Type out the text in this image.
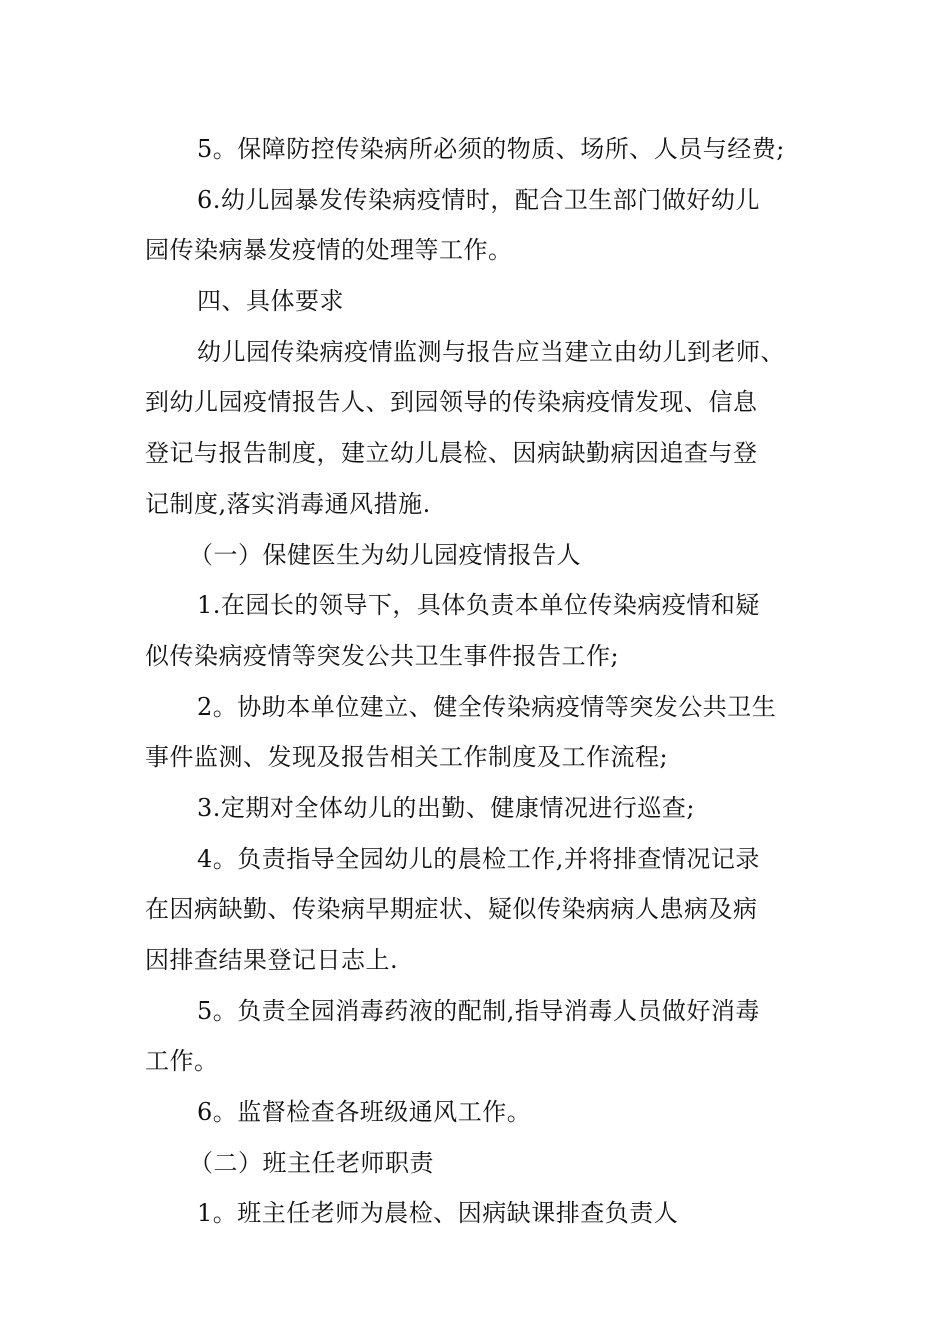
5。保障防控传染病所必须的物质、场所、人员与经费;
6.幼儿园暴发传染病疫情时，配合卫生部门做好幼儿
园传染病暴发疫情的处理等工作。
四、具体要求
幼儿园传染病疫情监测与报告应当建立由幼儿到老师、
到幼儿园疫情报告人、到园领导的传染病疫情发现、信息
登记与报告制度，建立幼儿晨检、因病缺勤病因追查与登
记制度,落实消毒通风措施.
（一）保健医生为幼儿园疫情报告人
1.在园长的领导下，具体负责本单位传染病疫情和疑
似传染病疫情等突发公共卫生事件报告工作;
2。协助本单位建立、健全传染病疫情等突发公共卫生
事件监测、发现及报告相关工作制度及工作流程;
3.定期对全体幼儿的出勤、健康情况进行巡查;
4。负责指导全园幼儿的晨检工作,并将排查情况记录
在因病缺勤、传染病早期症状、疑似传染病病人患病及病
因排查结果登记日志上.
5。负责全园消毒药液的配制,指导消毒人员做好消毒
工作。
6。监督检查各班级通风工作。
（二）班主任老师职责
1。班主任老师为晨检、因病缺课排查负责人
